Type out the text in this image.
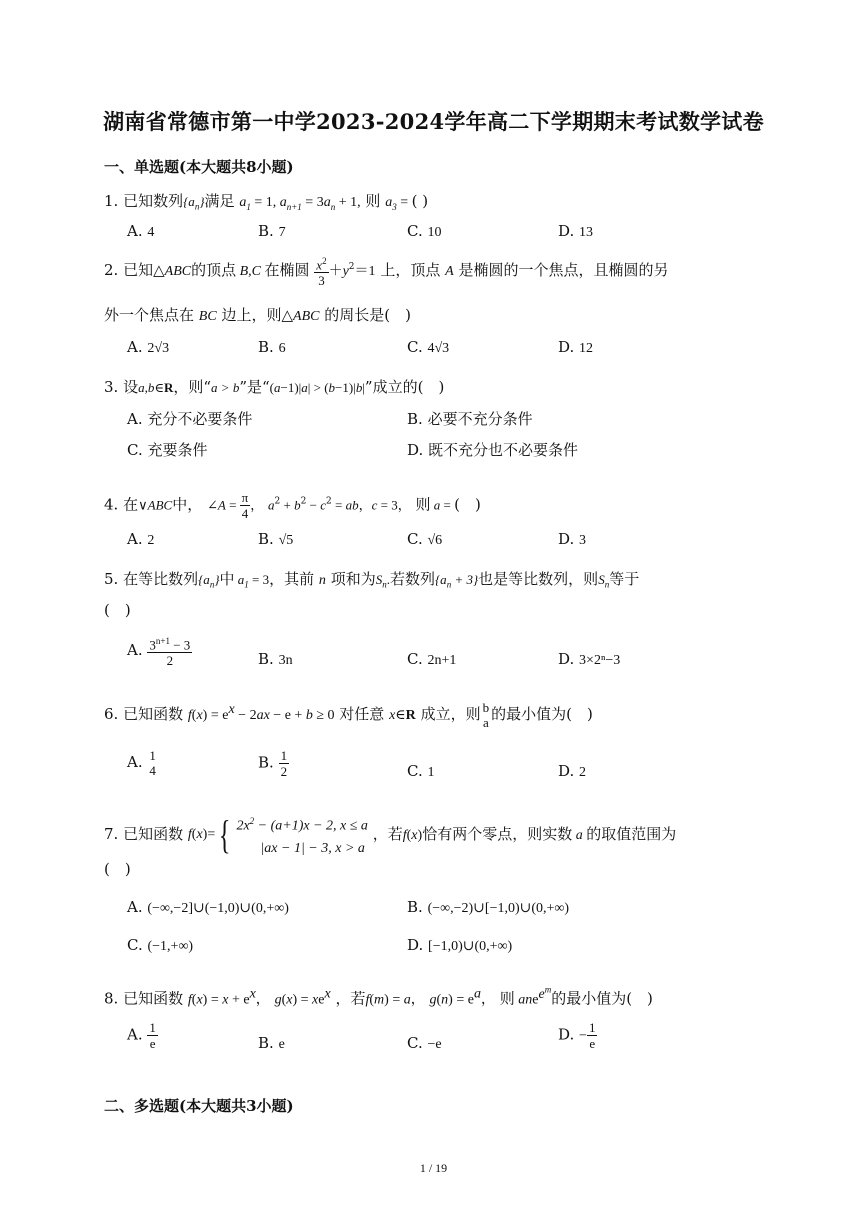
湖南省常德市第一中学2023-2024学年高二下学期期末考试数学试卷
一、单选题(本大题共8小题)
1. 已知数列$\{a_n\}$满足 $a_1 = 1$, $a_{n+1} = 3a_n + 1$, 则 $a_3$ = ( )
A. 4	B. 7	C. 10	D. 13
2. 已知△ABC的顶点 B,C 在椭圆 $\frac{x^2}{3} +y^2=1$ 上，顶点 A 是椭圆的一个焦点，且椭圆的另
外一个焦点在 BC 边上，则△ABC 的周长是(　)
A. 2√3	B. 6	C. 4√3	D. 12
3. 设a,b∈R，则“a > b”是“(a−1)|a| > (b−1)|b|”成立的(　)
A. 充分不必要条件	B. 必要不充分条件
C. 充要条件	D. 既不充分也不必要条件
4. 在∨ABC中， ∠A = $\frac{\pi}{4}$ ， $a^2 + b^2 - c^2$ = ab，c = 3， 则 a = (　)
A. 2	B. √5	C. √6	D. 3
5. 在等比数列$\{a_n\}$中 $a_1 = 3$，其前 n 项和为$S_n$.若数列$\{a_n + 3\}$也是等比数列，则$S_n$等于
(　)
A. $\frac{3^{n+1} - 3}{2}$	B. 3n	C. 2n+1	D. 3×2ⁿ−3
6. 已知函数 $f(x) = e^x - 2ax - e + b \ge 0$ 对任意 x∈R 成立，则 b
a 的最小值为(　)
A. 1
4	B. $\frac{1}{2}$	C. 1	D. 2
7. 已知函数 f(x)={ $2x^2 - (a+1)x - 2$, x ≤ a
|ax − 1| − 3, x > a
，若f(x)恰有两个零点，则实数 a 的取值范围为
(　)
A. (−∞,−2]∪(−1,0)∪(0,+∞)	B. (−∞,−2)∪[−1,0)∪(0,+∞)
C. (−1,+∞)	D. [−1,0)∪(0,+∞)
8. 已知函数 $f(x) = x + e^x$， $g(x) = xe^x$ ，若f(m) = a， $g(n) = e^a$， 则 ane$^{e^m}$的最小值为(　)
A. $\frac{1}{e}$	B. e	C. −e
D. − $\frac{1}{e}$
二、多选题(本大题共3小题)
1 / 19
